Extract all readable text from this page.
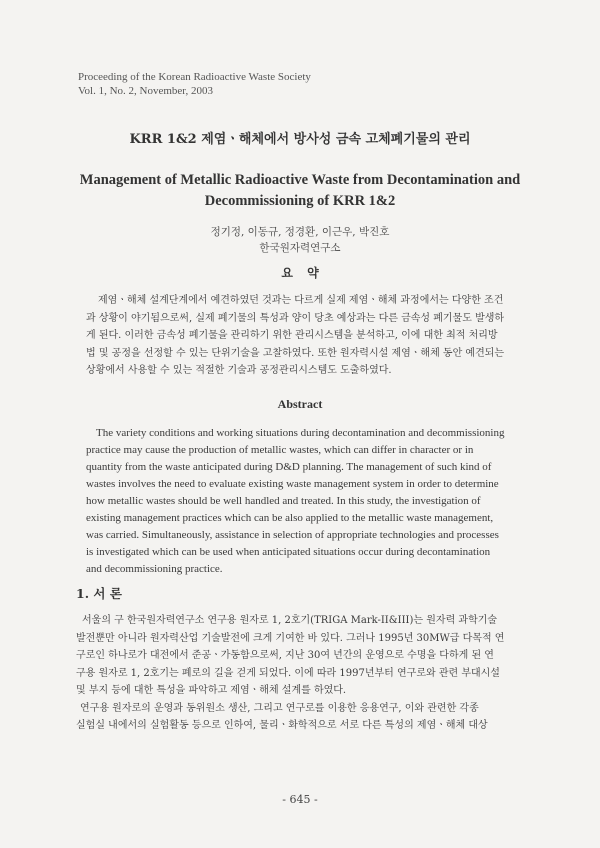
Proceeding of the Korean Radioactive Waste Society
Vol. 1, No. 2, November, 2003
KRR 1&2 제염ㆍ해체에서 방사성 금속 고체폐기물의 관리
Management of Metallic Radioactive Waste from Decontamination and
Decommissioning of KRR 1&2
정기정, 이동규, 정경환, 이근우, 박진호
한국원자력연구소
요 약
제염ㆍ해체 설계단계에서 예견하였던 것과는 다르게 실제 제염ㆍ해체 과정에서는 다양한 조건
과 상황이 야기됨으로써, 실제 폐기물의 특성과 양이 당초 예상과는 다른 금속성 폐기물도 발생하
게 된다. 이러한 금속성 폐기물을 관리하기 위한 관리시스템을 분석하고, 이에 대한 최적 처리방
법 및 공정을 선정할 수 있는 단위기술을 고찰하였다. 또한 원자력시설 제염ㆍ해체 동안 예견되는
상황에서 사용할 수 있는 적절한 기술과 공정관리시스템도 도출하였다.
Abstract
The variety conditions and working situations during decontamination and decommissioning
practice may cause the production of metallic wastes, which can differ in character or in
quantity from the waste anticipated during D&D planning. The management of such kind of
wastes involves the need to evaluate existing waste management system in order to determine
how metallic wastes should be well handled and treated. In this study, the investigation of
existing management practices which can be also applied to the metallic waste management,
was carried. Simultaneously, assistance in selection of appropriate technologies and processes
is investigated which can be used when anticipated situations occur during decontamination
and decommissioning practice.
1. 서 론
서울의 구 한국원자력연구소 연구용 원자로 1, 2호기(TRIGA Mark-II&III)는 원자력 과학기술
발전뿐만 아니라 원자력산업 기술발전에 크게 기여한 바 있다. 그러나 1995년 30MW급 다목적 연
구로인 하나로가 대전에서 준공ㆍ가동함으로써, 지난 30여 년간의 운영으로 수명을 다하게 된 연
구용 원자로 1, 2호기는 폐로의 길을 걷게 되었다. 이에 따라 1997년부터 연구로와 관련 부대시설
및 부지 등에 대한 특성을 파악하고 제염ㆍ해체 설계를 하였다.
연구용 원자로의 운영과 동위원소 생산, 그리고 연구로를 이용한 응용연구, 이와 관련한 각종
실험실 내에서의 실험활동 등으로 인하여, 물리ㆍ화학적으로 서로 다른 특성의 제염ㆍ해체 대상
- 645 -
